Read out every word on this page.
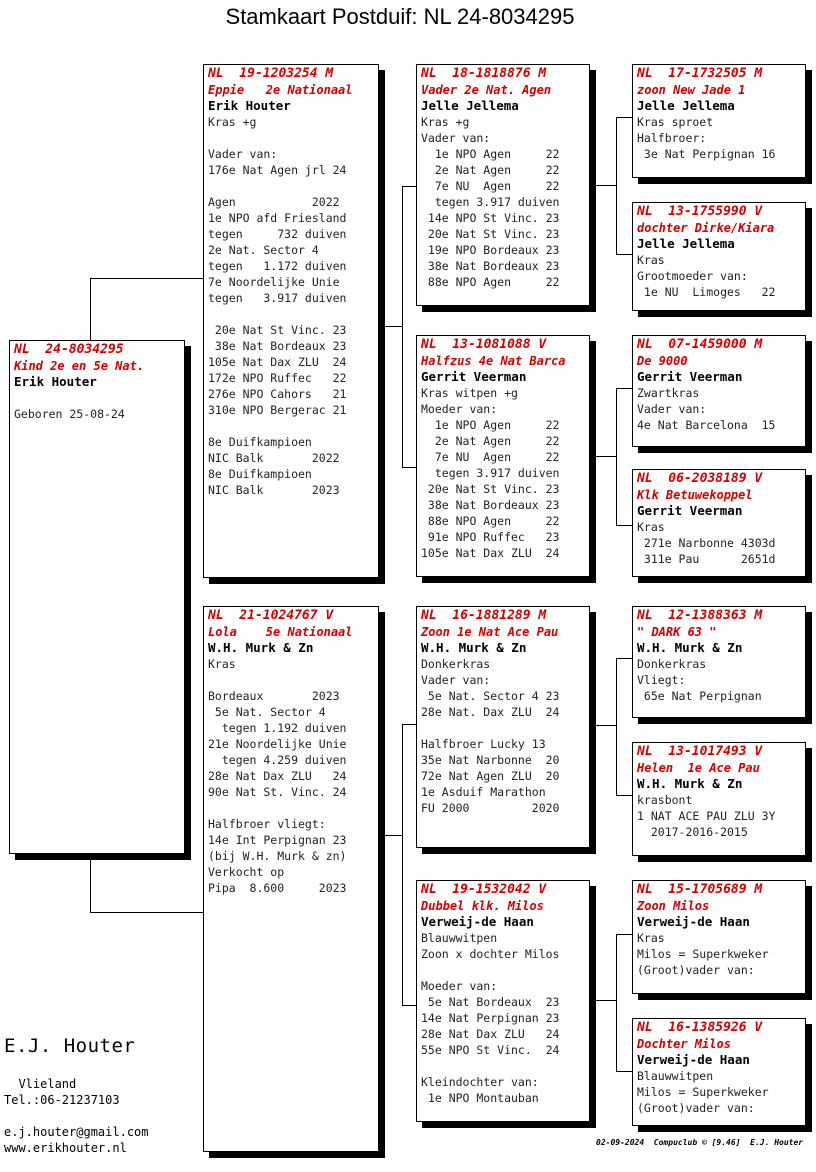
Stamkaart Postduif: NL 24-8034295
NL  24-8034295
Kind 2e en 5e Nat.
Erik Houter
Geboren 25-08-24
NL  19-1203254 M
Eppie   2e Nationaal
Erik Houter
Kras +g
Vader van:
176e Nat Agen jrl 24
Agen           2022
1e NPO afd Friesland
tegen     732 duiven
2e Nat. Sector 4
tegen   1.172 duiven
7e Noordelijke Unie
tegen   3.917 duiven
20e Nat St Vinc. 23
38e Nat Bordeaux 23
105e Nat Dax ZLU  24
172e NPO Ruffec   22
276e NPO Cahors   21
310e NPO Bergerac 21
8e Duifkampioen
NIC Balk       2022
8e Duifkampioen
NIC Balk       2023
NL  21-1024767 V
Lola    5e Nationaal
W.H. Murk & Zn
Kras
Bordeaux       2023
5e Nat. Sector 4
tegen 1.192 duiven
21e Noordelijke Unie
tegen 4.259 duiven
28e Nat Dax ZLU   24
90e Nat St. Vinc. 24
Halfbroer vliegt:
14e Int Perpignan 23
(bij W.H. Murk & zn)
Verkocht op
Pipa  8.600     2023
NL  18-1818876 M
Vader 2e Nat. Agen
Jelle Jellema
Kras +g
Vader van:
1e NPO Agen     22
2e Nat Agen     22
7e NU  Agen     22
tegen 3.917 duiven
14e NPO St Vinc. 23
20e Nat St Vinc. 23
19e NPO Bordeaux 23
38e Nat Bordeaux 23
88e NPO Agen     22
NL  13-1081088 V
Halfzus 4e Nat Barca
Gerrit Veerman
Kras witpen +g
Moeder van:
1e NPO Agen     22
2e Nat Agen     22
7e NU  Agen     22
tegen 3.917 duiven
20e Nat St Vinc. 23
38e Nat Bordeaux 23
88e NPO Agen     22
91e NPO Ruffec   23
105e Nat Dax ZLU  24
NL  16-1881289 M
Zoon 1e Nat Ace Pau
W.H. Murk & Zn
Donkerkras
Vader van:
5e Nat. Sector 4 23
28e Nat. Dax ZLU  24
Halfbroer Lucky 13
35e Nat Narbonne  20
72e Nat Agen ZLU  20
1e Asduif Marathon
FU 2000         2020
NL  19-1532042 V
Dubbel klk. Milos
Verweij-de Haan
Blauwwitpen
Zoon x dochter Milos
Moeder van:
5e Nat Bordeaux  23
14e Nat Perpignan 23
28e Nat Dax ZLU   24
55e NPO St Vinc.  24
Kleindochter van:
1e NPO Montauban
NL  17-1732505 M
zoon New Jade 1
Jelle Jellema
Kras sproet
Halfbroer:
3e Nat Perpignan 16
NL  13-1755990 V
dochter Dirke/Kiara
Jelle Jellema
Kras
Grootmoeder van:
1e NU  Limoges   22
NL  07-1459000 M
De 9000
Gerrit Veerman
Zwartkras
Vader van:
4e Nat Barcelona  15
NL  06-2038189 V
Klk Betuwekoppel
Gerrit Veerman
Kras
271e Narbonne 4303d
311e Pau      2651d
NL  12-1388363 M
" DARK 63 "
W.H. Murk & Zn
Donkerkras
Vliegt:
65e Nat Perpignan
NL  13-1017493 V
Helen  1e Ace Pau
W.H. Murk & Zn
krasbont
1 NAT ACE PAU ZLU 3Y
2017-2016-2015
NL  15-1705689 M
Zoon Milos
Verweij-de Haan
Kras
Milos = Superkweker
(Groot)vader van:
NL  16-1385926 V
Dochter Milos
Verweij-de Haan
Blauwwitpen
Milos = Superkweker
(Groot)vader van:
E.J. Houter
Vlieland
Tel.:06-21237103
e.j.houter@gmail.com
www.erikhouter.nl	02-09-2024  Compuclub © [9.46]  E.J. Houter
